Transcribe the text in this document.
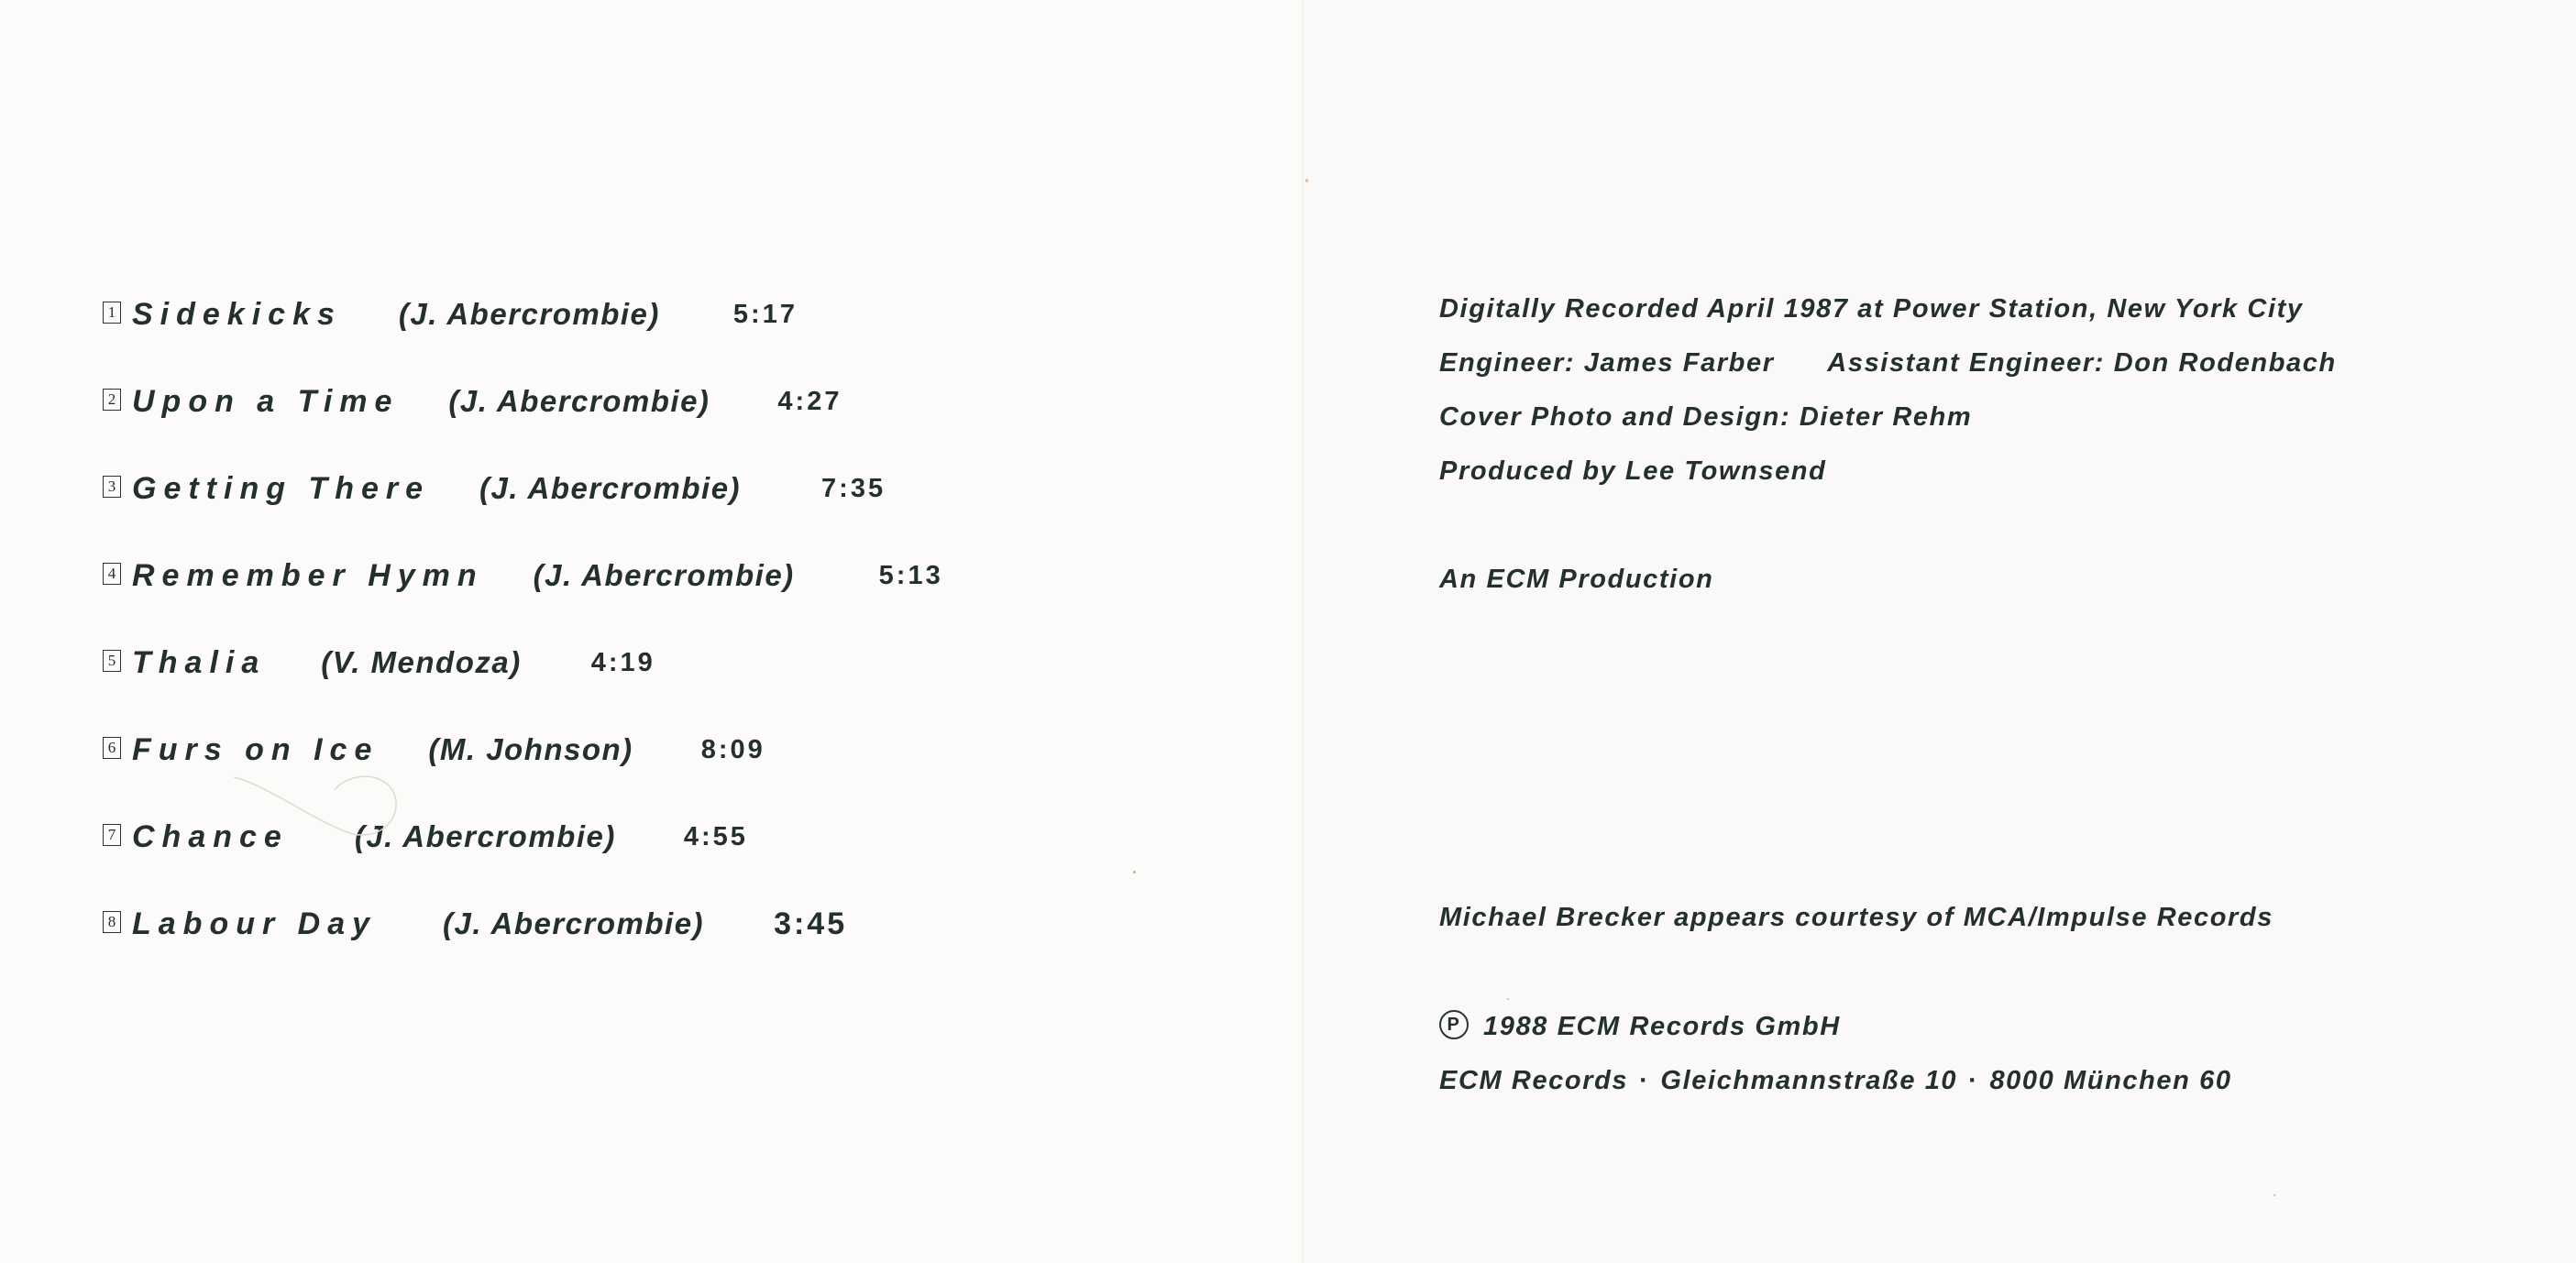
1 Sidekicks (J. Abercrombie)	5:17
2 Upon a Time (J. Abercrombie)	4:27
3 Getting There (J. Abercrombie)	7:35
4 Remember Hymn (J. Abercrombie)	5:13
5 Thalia (V. Mendoza)	4:19
6 Furs on Ice (M. Johnson)	8:09
7 Chance (J. Abercrombie)	4:55
8 Labour Day (J. Abercrombie) 3:45
Digitally Recorded April 1987 at Power Station, New York City
Engineer: James Farber Assistant Engineer: Don Rodenbach
Cover Photo and Design: Dieter Rehm
Produced by Lee Townsend
An ECM Production
Michael Brecker appears courtesy of MCA/Impulse Records
P 1988 ECM Records GmbH
ECM Records · Gleichmannstraße 10 · 8000 München 60
